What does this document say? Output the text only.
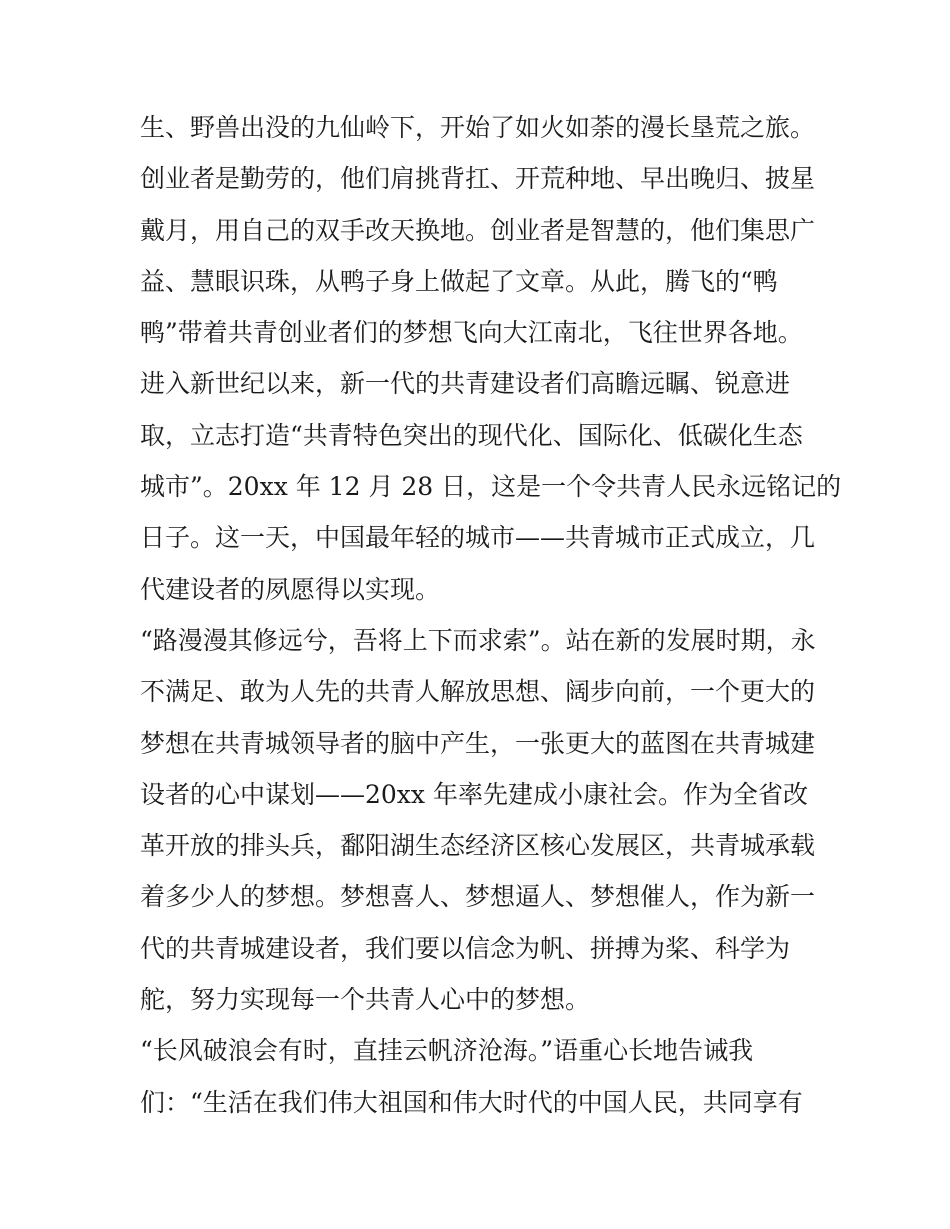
生、野兽出没的九仙岭下，开始了如火如荼的漫长垦荒之旅。
创业者是勤劳的，他们肩挑背扛、开荒种地、早出晚归、披星
戴月，用自己的双手改天换地。创业者是智慧的，他们集思广
益、慧眼识珠，从鸭子身上做起了文章。从此，腾飞的“鸭
鸭”带着共青创业者们的梦想飞向大江南北，飞往世界各地。
进入新世纪以来，新一代的共青建设者们高瞻远瞩、锐意进
取，立志打造“共青特色突出的现代化、国际化、低碳化生态
城市”。20xx 年 12 月 28 日，这是一个令共青人民永远铭记的
日子。这一天，中国最年轻的城市——共青城市正式成立，几
代建设者的夙愿得以实现。
“路漫漫其修远兮，吾将上下而求索”。站在新的发展时期，永
不满足、敢为人先的共青人解放思想、阔步向前，一个更大的
梦想在共青城领导者的脑中产生，一张更大的蓝图在共青城建
设者的心中谋划——20xx 年率先建成小康社会。作为全省改
革开放的排头兵，鄱阳湖生态经济区核心发展区，共青城承载
着多少人的梦想。梦想喜人、梦想逼人、梦想催人，作为新一
代的共青城建设者，我们要以信念为帆、拼搏为桨、科学为
舵，努力实现每一个共青人心中的梦想。
“长风破浪会有时，直挂云帆济沧海。”语重心长地告诫我
们：“生活在我们伟大祖国和伟大时代的中国人民，共同享有
